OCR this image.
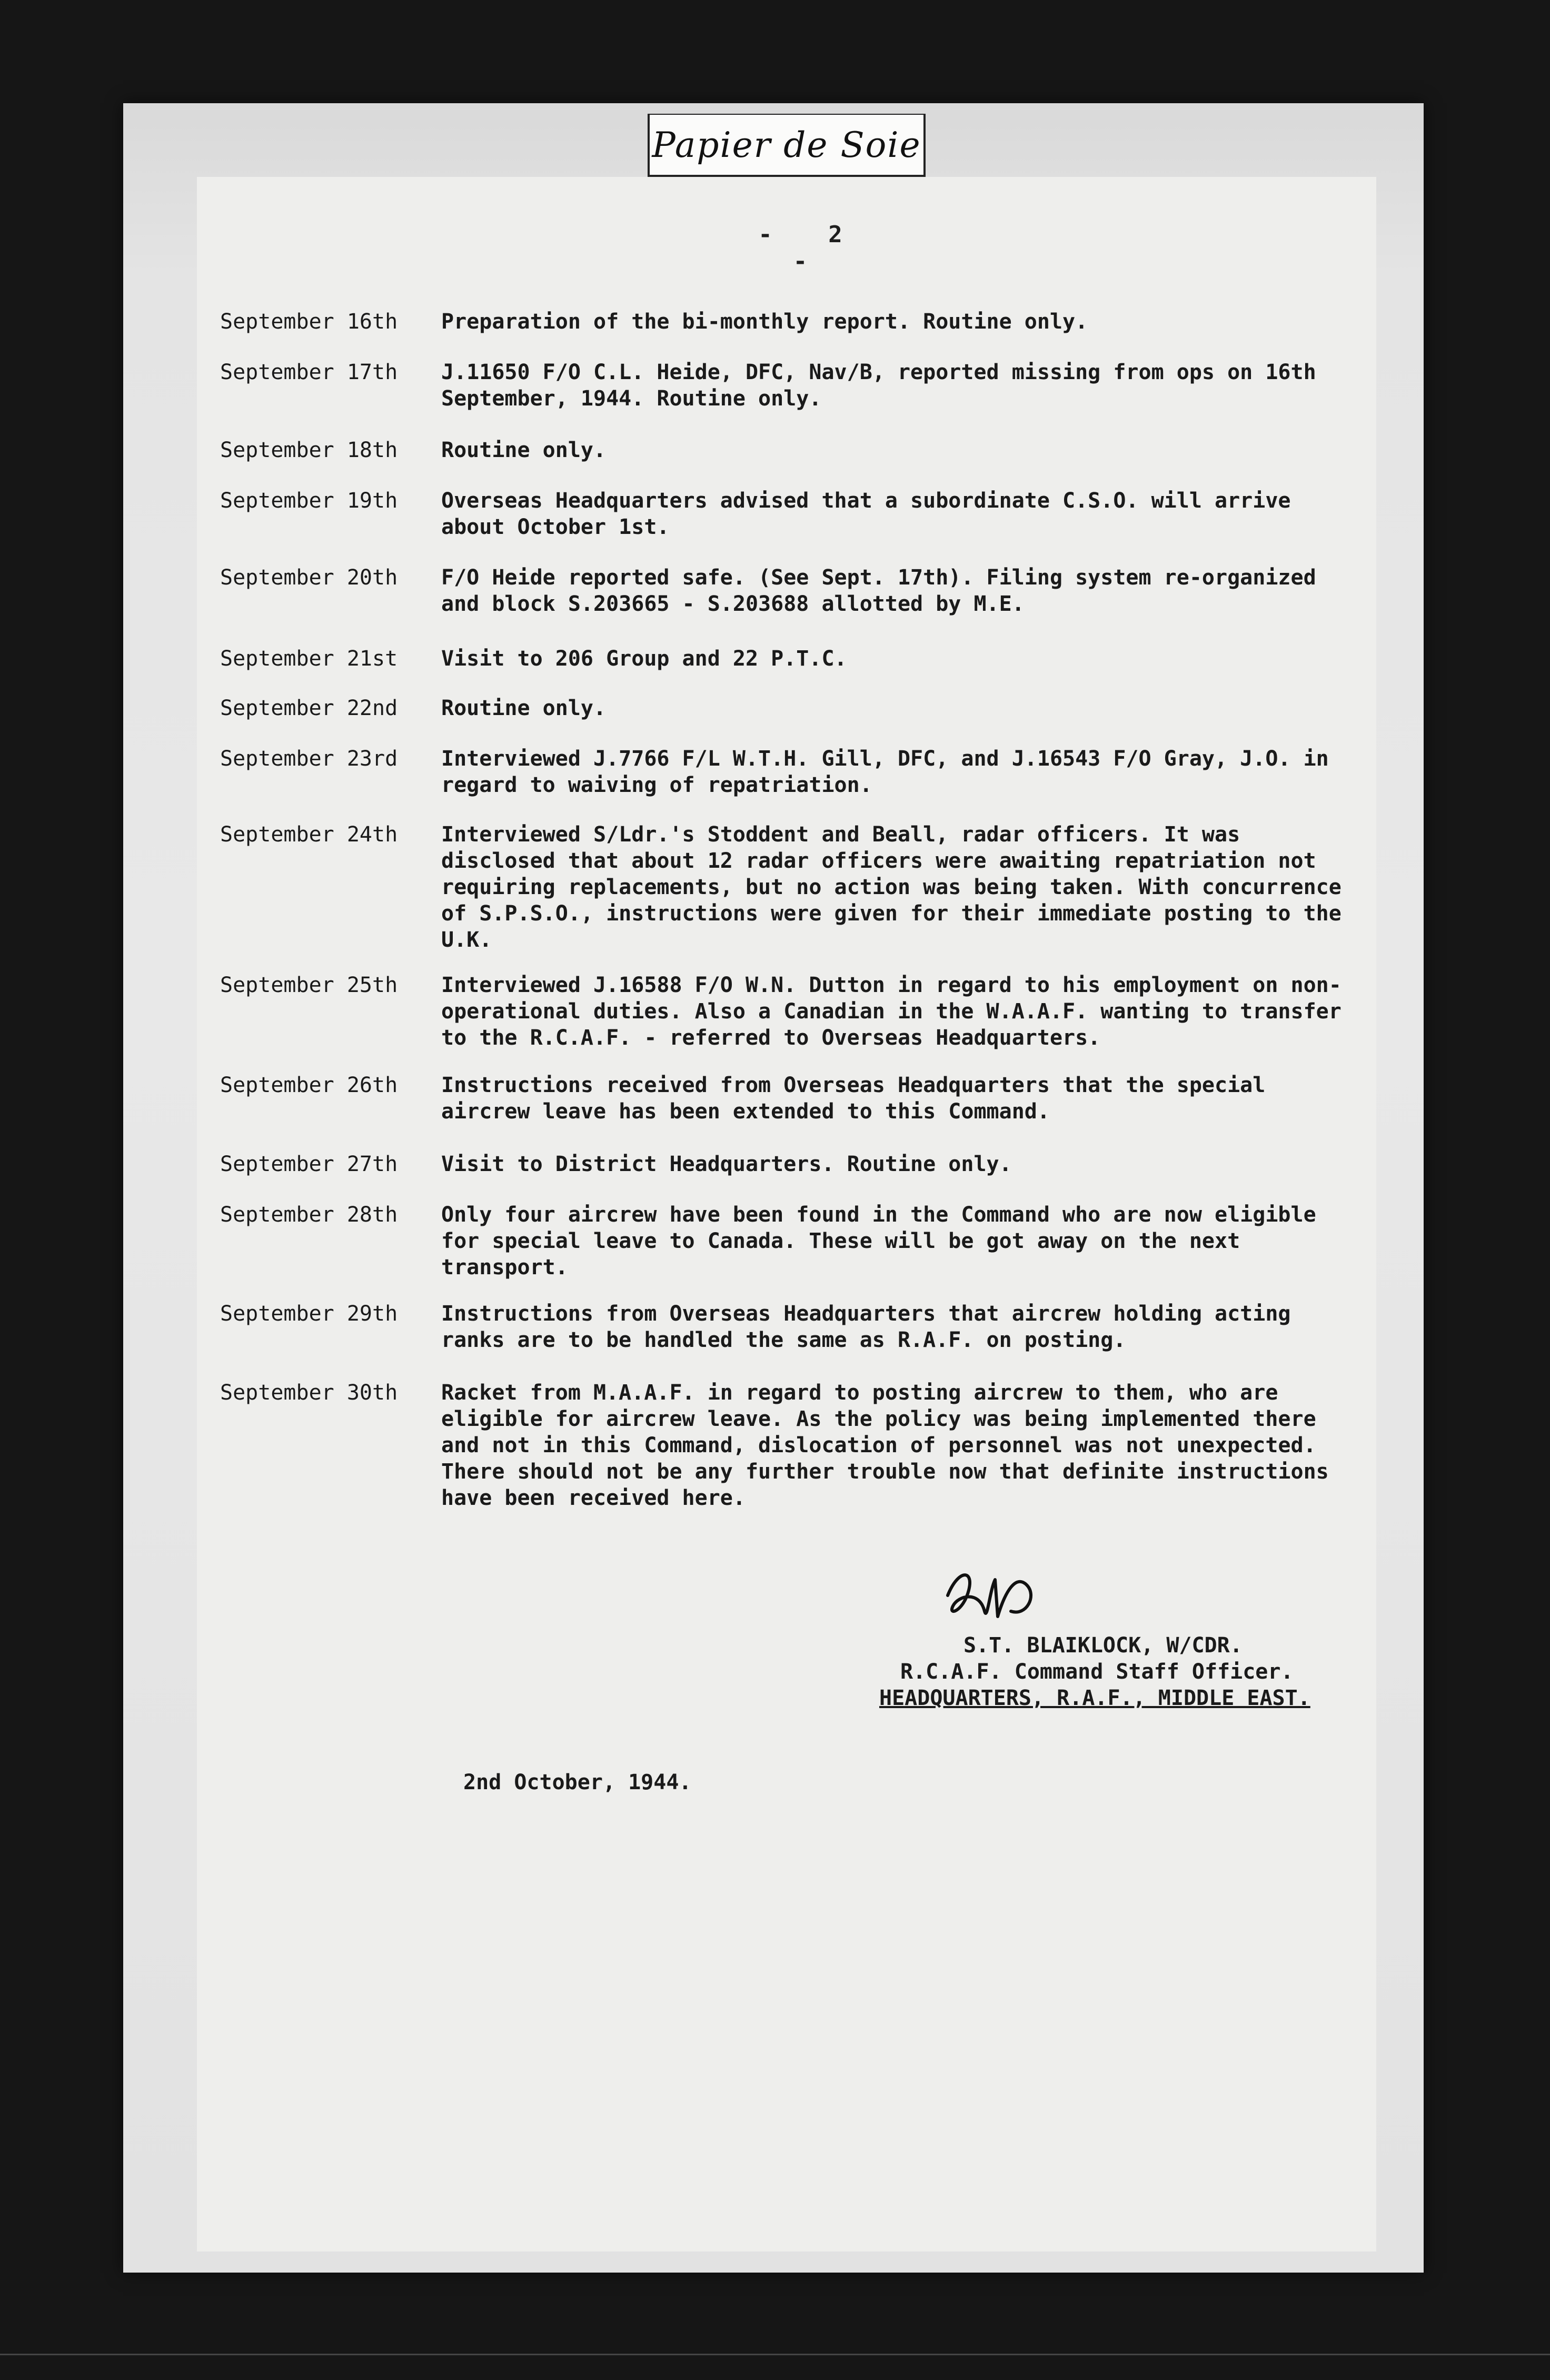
Papier de Soie
- 2 -
September 16th	Preparation of the bi-monthly report. Routine only.
September 17th	J.11650 F/O C.L. Heide, DFC, Nav/B, reported missing from ops on 16th September, 1944. Routine only.
September 18th	Routine only.
September 19th	Overseas Headquarters advised that a subordinate C.S.O. will arrive about October 1st.
September 20th	F/O Heide reported safe. (See Sept. 17th). Filing system re-organized and block S.203665 - S.203688 allotted by M.E.
September 21st	Visit to 206 Group and 22 P.T.C.
September 22nd	Routine only.
September 23rd	Interviewed J.7766 F/L W.T.H. Gill, DFC, and J.16543 F/O Gray, J.O. in regard to waiving of repatriation.
September 24th	Interviewed S/Ldr.'s Stoddent and Beall, radar officers. It was disclosed that about 12 radar officers were awaiting repatriation not requiring replacements, but no action was being taken. With concurrence of S.P.S.O., instructions were given for their immediate posting to the U.K.
September 25th	Interviewed J.16588 F/O W.N. Dutton in regard to his employment on non-operational duties. Also a Canadian in the W.A.A.F. wanting to transfer to the R.C.A.F. - referred to Overseas Headquarters.
September 26th	Instructions received from Overseas Headquarters that the special aircrew leave has been extended to this Command.
September 27th	Visit to District Headquarters. Routine only.
September 28th	Only four aircrew have been found in the Command who are now eligible for special leave to Canada. These will be got away on the next transport.
September 29th	Instructions from Overseas Headquarters that aircrew holding acting ranks are to be handled the same as R.A.F. on posting.
September 30th	Racket from M.A.A.F. in regard to posting aircrew to them, who are eligible for aircrew leave. As the policy was being implemented there and not in this Command, dislocation of personnel was not unexpected. There should not be any further trouble now that definite instructions have been received here.
S.T. BLAIKLOCK, W/CDR.
R.C.A.F. Command Staff Officer.
HEADQUARTERS, R.A.F., MIDDLE EAST.
2nd October, 1944.
